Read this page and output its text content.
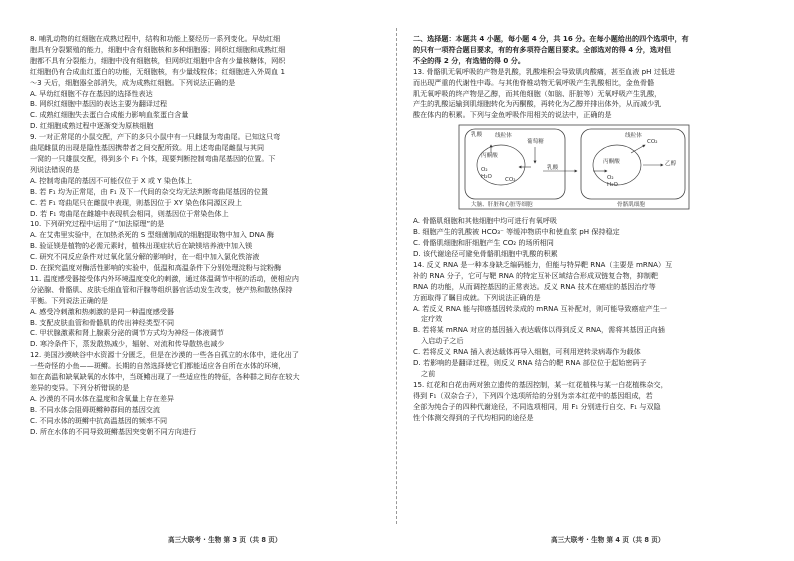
8. 哺乳动物的红细胞在成熟过程中，结构和功能上要经历一系列变化。早幼红细

胞具有分裂繁殖的能力，细胞中含有细胞核和多种细胞器；网织红细胞和成熟红细

胞都不具有分裂能力，细胞中没有细胞核，但网织红细胞中含有少量核糖体，网织

红细胞仍有合成血红蛋白的功能，无细胞核，有少量线粒体；红细胞进入外周血 1

～3 天后，细胞器全部消失，成为成熟红细胞。下列说法正确的是

A. 早幼红细胞不存在基因的选择性表达

B. 网织红细胞中基因的表达主要为翻译过程

C. 成熟红细胞失去蛋白合成能力影响血浆蛋白含量

D. 红细胞成熟过程中逐渐变为原核细胞

9. 一对正常尾的小鼠交配，产下的多只小鼠中有一只雌鼠为弯曲尾。已知这只弯

曲尾雌鼠的出现是隐性基因携带者之间交配所致。用上述弯曲尾雌鼠与其同

一窝的一只雄鼠交配，得到多个 F₁ 个体，现要判断控制弯曲尾基因的位置。下

列说法错误的是

A. 控制弯曲尾的基因不可能仅位于 X 或 Y 染色体上

B. 若 F₁ 均为正常尾，由 F₁ 及下一代间的杂交均无法判断弯曲尾基因的位置

C. 若 F₁ 弯曲尾只在雌鼠中表现，则基因位于 XY 染色体同源区段上

D. 若 F₁ 弯曲尾在雌雄中表现机会相同，则基因位于常染色体上

10. 下列研究过程中运用了“加法原理”的是

A. 在艾弗里实验中，在加热杀死的 S 型细菌制成的细胞提取物中加入 DNA 酶

B. 验证镁是植物的必需元素时，植株出现症状后在缺镁培养液中加入镁

C. 研究不同反应条件对过氧化氢分解的影响时，在一组中加入氯化铁溶液

D. 在探究温度对酶活性影响的实验中，低温和高温条件下分别处理淀粉与淀粉酶

11. 温度感受器接受体内外环境温度变化的刺激，通过体温调节中枢的活动，使相应内

分泌腺、骨骼肌、皮肤毛细血管和汗腺等组织器官活动发生改变，使产热和散热保持

平衡。下列说法正确的是

A. 感受冷刺激和热刺激的是同一种温度感受器

B. 支配皮肤血管和骨骼肌的传出神经类型不同

C. 甲状腺激素和肾上腺素分泌的调节方式均为神经－体液调节

D. 寒冷条件下，蒸发散热减少，辐射、对流和传导散热也减少

12. 美国沙漠峡谷中水资源十分匮乏，但是在沙漠的一些各自孤立的水体中，进化出了

一些奇怪的小鱼——斑鳉。长期的自然选择使它们都能适应各自所在水体的环境，

如在高温和缺氧缺氧的水体中，当斑鳉出现了一些适应性的特征，各种群之间存在较大

差异的变异。下列分析错误的是

A. 沙漠的不同水体在温度和含氧量上存在差异

B. 不同水体会阻碍斑鳉种群间的基因交流

C. 不同水体的斑鳉中抗高温基因的频率不同

D. 所在水体的不同导致斑鳉基因突变朝不同方向进行

二、选择题：本题共 4 小题，每小题 4 分，共 16 分。在每小题给出的四个选项中，有

的只有一项符合题目要求，有的有多项符合题目要求。全部选对的得 4 分，选对但

不全的得 2 分，有选错的得 0 分。

13. 骨骼肌无氧呼吸的产物是乳酸，乳酸堆积会导致肌肉酸痛，甚至血液 pH 过低进

而出现严重的代谢性中毒。与其他脊椎动物无氧呼吸产生乳酸相比，金鱼骨骼

肌无氧呼吸的终产物是乙醇，而其他细胞（如脑、肝脏等）无氧呼吸产生乳酸，

产生的乳酸运输到肌细胞转化为丙酮酸，再转化为乙醇并排出体外，从而减少乳

酸在体内的积累。下列与金鱼呼吸作用相关的说法中，正确的是

乳酸 线粒体
葡萄糖
丙酮酸
O₂
H₂O CO₂
乳酸
大脑、肝脏和心脏等细胞
线粒体
丙酮酸
CO₂
乙醇
O₂
H₂O
骨骼肌细胞

A. 骨骼肌细胞和其他细胞中均可进行有氧呼吸

B. 细胞产生的乳酸被 HCO₃⁻ 等缓冲物质中和使血浆 pH 保持稳定

C. 骨骼肌细胞和肝细胞产生 CO₂ 的场所相同

D. 该代谢途径可避免骨骼肌细胞中乳酸的积累

14. 反义 RNA 是一种本身缺乏编码能力，但能与特异靶 RNA（主要是 mRNA）互

补的 RNA 分子，它可与靶 RNA 的特定互补区域结合形成双链复合物，抑制靶

RNA 的功能，从而调控基因的正常表达。反义 RNA 技术在癌症的基因治疗等

方面取得了瞩目成就。下列说法正确的是

A. 若反义 RNA 能与抑癌基因转录成的 mRNA 互补配对，则可能导致癌症产生一

定疗效

B. 若将某 mRNA 对应的基因插入表达载体以得到反义 RNA，需将其基因正向插

入启动子之后

C. 若将反义 RNA 插入表达载体再导入细胞，可利用逆转录病毒作为载体

D. 若影响的是翻译过程，则反义 RNA 结合的靶 RNA 部位位于起始密码子

之前

15. 红花和白花由两对独立遗传的基因控制，某一红花植株与某一白花植株杂交，

得到 F₁（双杂合子），下列四个选项所给的分别为亲本红花中的基因组成，若

全部为纯合子的四种代谢途径，不同选项相同，用 F₁ 分别进行自交、F₁ 与双隐

性个体测交得到的子代均相同的途径是

高三大联考 · 生物 第 3 页（共 8 页）	高三大联考 · 生物 第 4 页（共 8 页）
